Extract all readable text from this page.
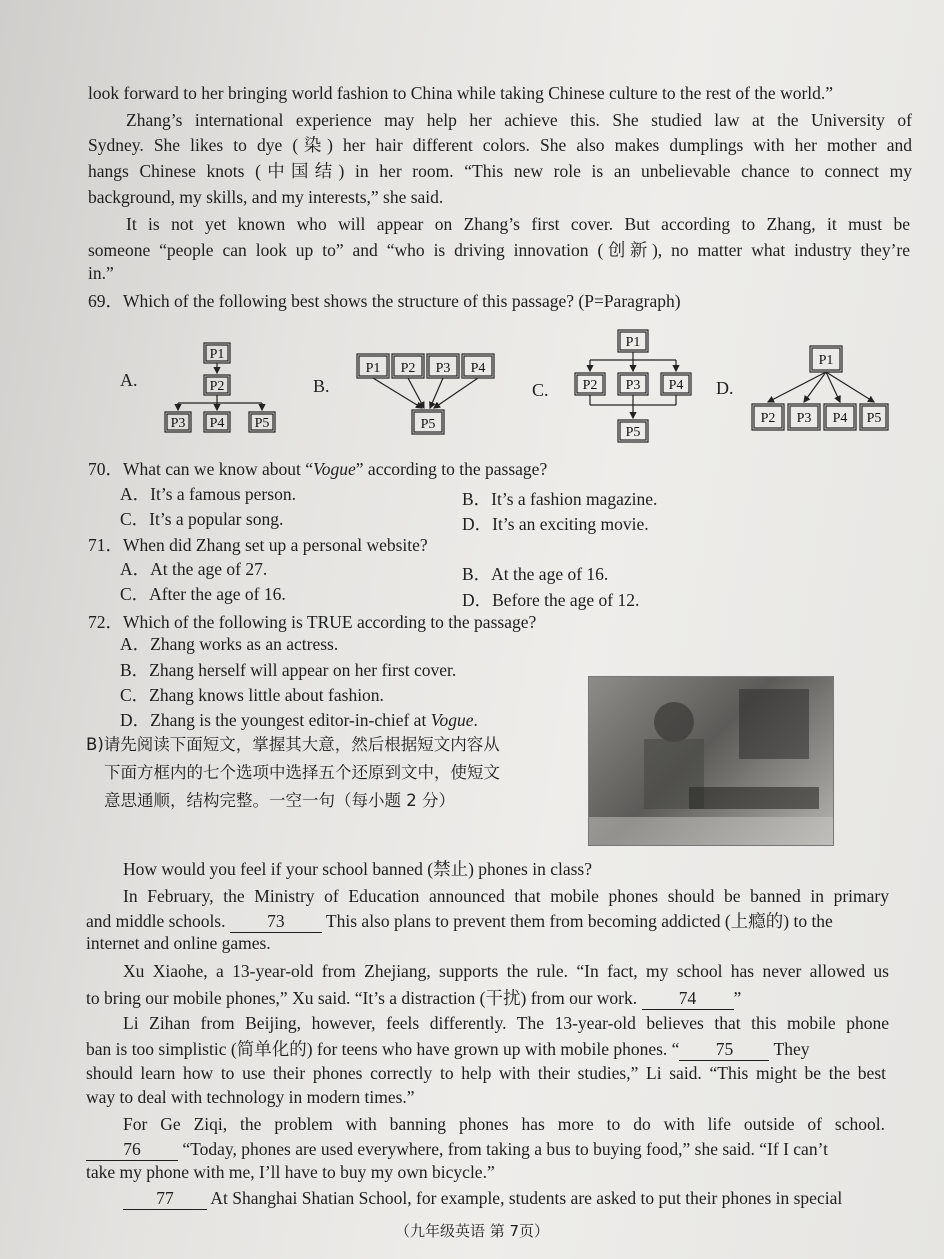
look forward to her bringing world fashion to China while taking Chinese culture to the rest of the world.”
Zhang’s international experience may help her achieve this. She studied law at the University of
Sydney. She likes to dye (染) her hair different colors. She also makes dumplings with her mother and
hangs Chinese knots (中国结) in her room. “This new role is an unbelievable chance to connect my
background, my skills, and my interests,” she said.
It is not yet known who will appear on Zhang’s first cover. But according to Zhang, it must be
someone “people can look up to” and “who is driving innovation (创新), no matter what industry they’re
in.”
69．Which of the following best shows the structure of this passage? (P=Paragraph)
A.	B.	C.	D.
P1
P2
P3 P4 P5
P1 P2 P3 P4
P5
P1
P2 P3 P4
P5
P1
P2 P3 P4 P5
70．What can we know about “Vogue” according to the passage?
A．It’s a famous person.	B．It’s a fashion magazine.
C．It’s a popular song.	D．It’s an exciting movie.
71．When did Zhang set up a personal website?
A．At the age of 27.	B．At the age of 16.
C．After the age of 16.	D．Before the age of 12.
72．Which of the following is TRUE according to the passage?
A．Zhang works as an actress.
B．Zhang herself will appear on her first cover.
C．Zhang knows little about fashion.
D．Zhang is the youngest editor-in-chief at Vogue.
B)请先阅读下面短文，掌握其大意，然后根据短文内容从
下面方框内的七个选项中选择五个还原到文中，使短文
意思通顺，结构完整。一空一句（每小题 2 分）
How would you feel if your school banned (禁止) phones in class?
In February, the Ministry of Education announced that mobile phones should be banned in primary
and middle schools. 73 This also plans to prevent them from becoming addicted (上瘾的) to the
internet and online games.
Xu Xiaohe, a 13-year-old from Zhejiang, supports the rule. “In fact, my school has never allowed us
to bring our mobile phones,” Xu said. “It’s a distraction (干扰) from our work. 74 ”
Li Zihan from Beijing, however, feels differently. The 13-year-old believes that this mobile phone
ban is too simplistic (简单化的) for teens who have grown up with mobile phones. “ 75 They
should learn how to use their phones correctly to help with their studies,” Li said. “This might be the best
way to deal with technology in modern times.”
For Ge Ziqi, the problem with banning phones has more to do with life outside of school.
76 “Today, phones are used everywhere, from taking a bus to buying food,” she said. “If I can’t
take my phone with me, I’ll have to buy my own bicycle.”
77 At Shanghai Shatian School, for example, students are asked to put their phones in special
（九年级英语 第 7页）
